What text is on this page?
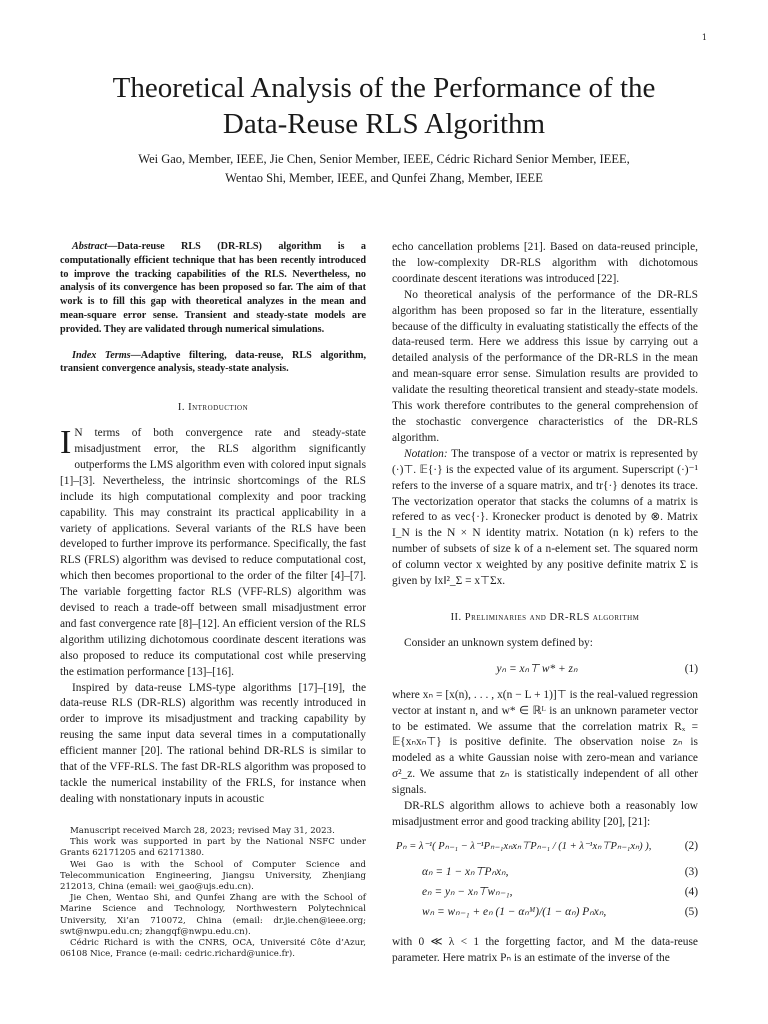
1
Theoretical Analysis of the Performance of the
Data-Reuse RLS Algorithm
Wei Gao, Member, IEEE, Jie Chen, Senior Member, IEEE, Cédric Richard Senior Member, IEEE,
Wentao Shi, Member, IEEE, and Qunfei Zhang, Member, IEEE

Abstract—Data-reuse RLS (DR-RLS) algorithm is a computationally efficient technique that has been recently introduced to improve the tracking capabilities of the RLS. Nevertheless, no analysis of its convergence has been proposed so far. The aim of that work is to fill this gap with theoretical analyzes in the mean and mean-square error sense. Transient and steady-state models are provided. They are validated through numerical simulations.

Index Terms—Adaptive filtering, data-reuse, RLS algorithm, transient convergence analysis, steady-state analysis.

I. Introduction

I N terms of both convergence rate and steady-state misadjustment error, the RLS algorithm significantly outperforms the LMS algorithm even with colored input signals [1]–[3]. Nevertheless, the intrinsic shortcomings of the RLS include its high computational complexity and poor tracking capability. This may constraint its practical applicability in a variety of applications. Several variants of the RLS have been developed to further improve its performance. Specifically, the fast RLS (FRLS) algorithm was devised to reduce computational cost, which then becomes proportional to the order of the filter [4]–[7]. The variable forgetting factor RLS (VFF-RLS) algorithm was devised to reach a trade-off between small misadjustment error and fast convergence rate [8]–[12]. An efficient version of the RLS algorithm utilizing dichotomous coordinate descent iterations was also proposed to reduce its computational cost while preserving the estimation performance [13]–[16].

Inspired by data-reuse LMS-type algorithms [17]–[19], the data-reuse RLS (DR-RLS) algorithm was recently introduced in order to improve its misadjustment and tracking capability by reusing the same input data several times in a computationally efficient manner [20]. The rational behind DR-RLS is similar to that of the VFF-RLS. The fast DR-RLS algorithm was proposed to tackle the numerical instability of the FRLS, for instance when dealing with nonstationary inputs in acoustic

Manuscript received March 28, 2023; revised May 31, 2023.

This work was supported in part by the National NSFC under Grants 62171205 and 62171380.

Wei Gao is with the School of Computer Science and Telecommunication Engineering, Jiangsu University, Zhenjiang 212013, China (email: wei_gao@ujs.edu.cn).

Jie Chen, Wentao Shi, and Qunfei Zhang are with the School of Marine Science and Technology, Northwestern Polytechnical University, Xi’an 710072, China (email: dr.jie.chen@ieee.org; swt@nwpu.edu.cn; zhangqf@nwpu.edu.cn).

Cédric Richard is with the CNRS, OCA, Université Côte d’Azur, 06108 Nice, France (e-mail: cedric.richard@unice.fr).

echo cancellation problems [21]. Based on data-reused principle, the low-complexity DR-RLS algorithm with dichotomous coordinate descent iterations was introduced [22].

No theoretical analysis of the performance of the DR-RLS algorithm has been proposed so far in the literature, essentially because of the difficulty in evaluating statistically the effects of the data-reused term. Here we address this issue by carrying out a detailed analysis of the performance of the DR-RLS in the mean and mean-square error sense. Simulation results are provided to validate the resulting theoretical transient and steady-state models. This work therefore contributes to the general comprehension of the stochastic convergence characteristics of the DR-RLS algorithm.

Notation: The transpose of a vector or matrix is represented by (·)⊤. 𝔼{·} is the expected value of its argument. Superscript (·)⁻¹ refers to the inverse of a square matrix, and tr{·} denotes its trace. The vectorization operator that stacks the columns of a matrix is refered to as vec{·}. Kronecker product is denoted by ⊗. Matrix I_N is the N × N identity matrix. Notation (n k) refers to the number of subsets of size k of a n-element set. The squared norm of column vector x weighted by any positive definite matrix Σ is given by ‖x‖²_Σ = x⊤Σx.

II. Preliminaries and DR-RLS algorithm

Consider an unknown system defined by:

yₙ = xₙ⊤ w* + zₙ	(1)

where xₙ = [x(n), . . . , x(n − L + 1)]⊤ is the real-valued regression vector at instant n, and w* ∈ ℝᴸ is an unknown parameter vector to be estimated. We assume that the correlation matrix Rₓ = 𝔼{xₙxₙ⊤} is positive definite. The observation noise zₙ is modeled as a white Gaussian noise with zero-mean and variance σ²_z. We assume that zₙ is statistically independent of all other signals.

DR-RLS algorithm allows to achieve both a reasonably low misadjustment error and good tracking ability [20], [21]:

Pₙ = λ⁻¹( Pₙ₋₁ − λ⁻¹Pₙ₋₁xₙxₙ⊤Pₙ₋₁ / (1 + λ⁻¹xₙ⊤Pₙ₋₁xₙ) ),	(2)
αₙ = 1 − xₙ⊤Pₙxₙ,	(3)
eₙ = yₙ − xₙ⊤wₙ₋₁,	(4)
wₙ = wₙ₋₁ + eₙ (1 − αₙᴹ)/(1 − αₙ) Pₙxₙ,	(5)

with 0 ≪ λ < 1 the forgetting factor, and M the data-reuse parameter. Here matrix Pₙ is an estimate of the inverse of the
